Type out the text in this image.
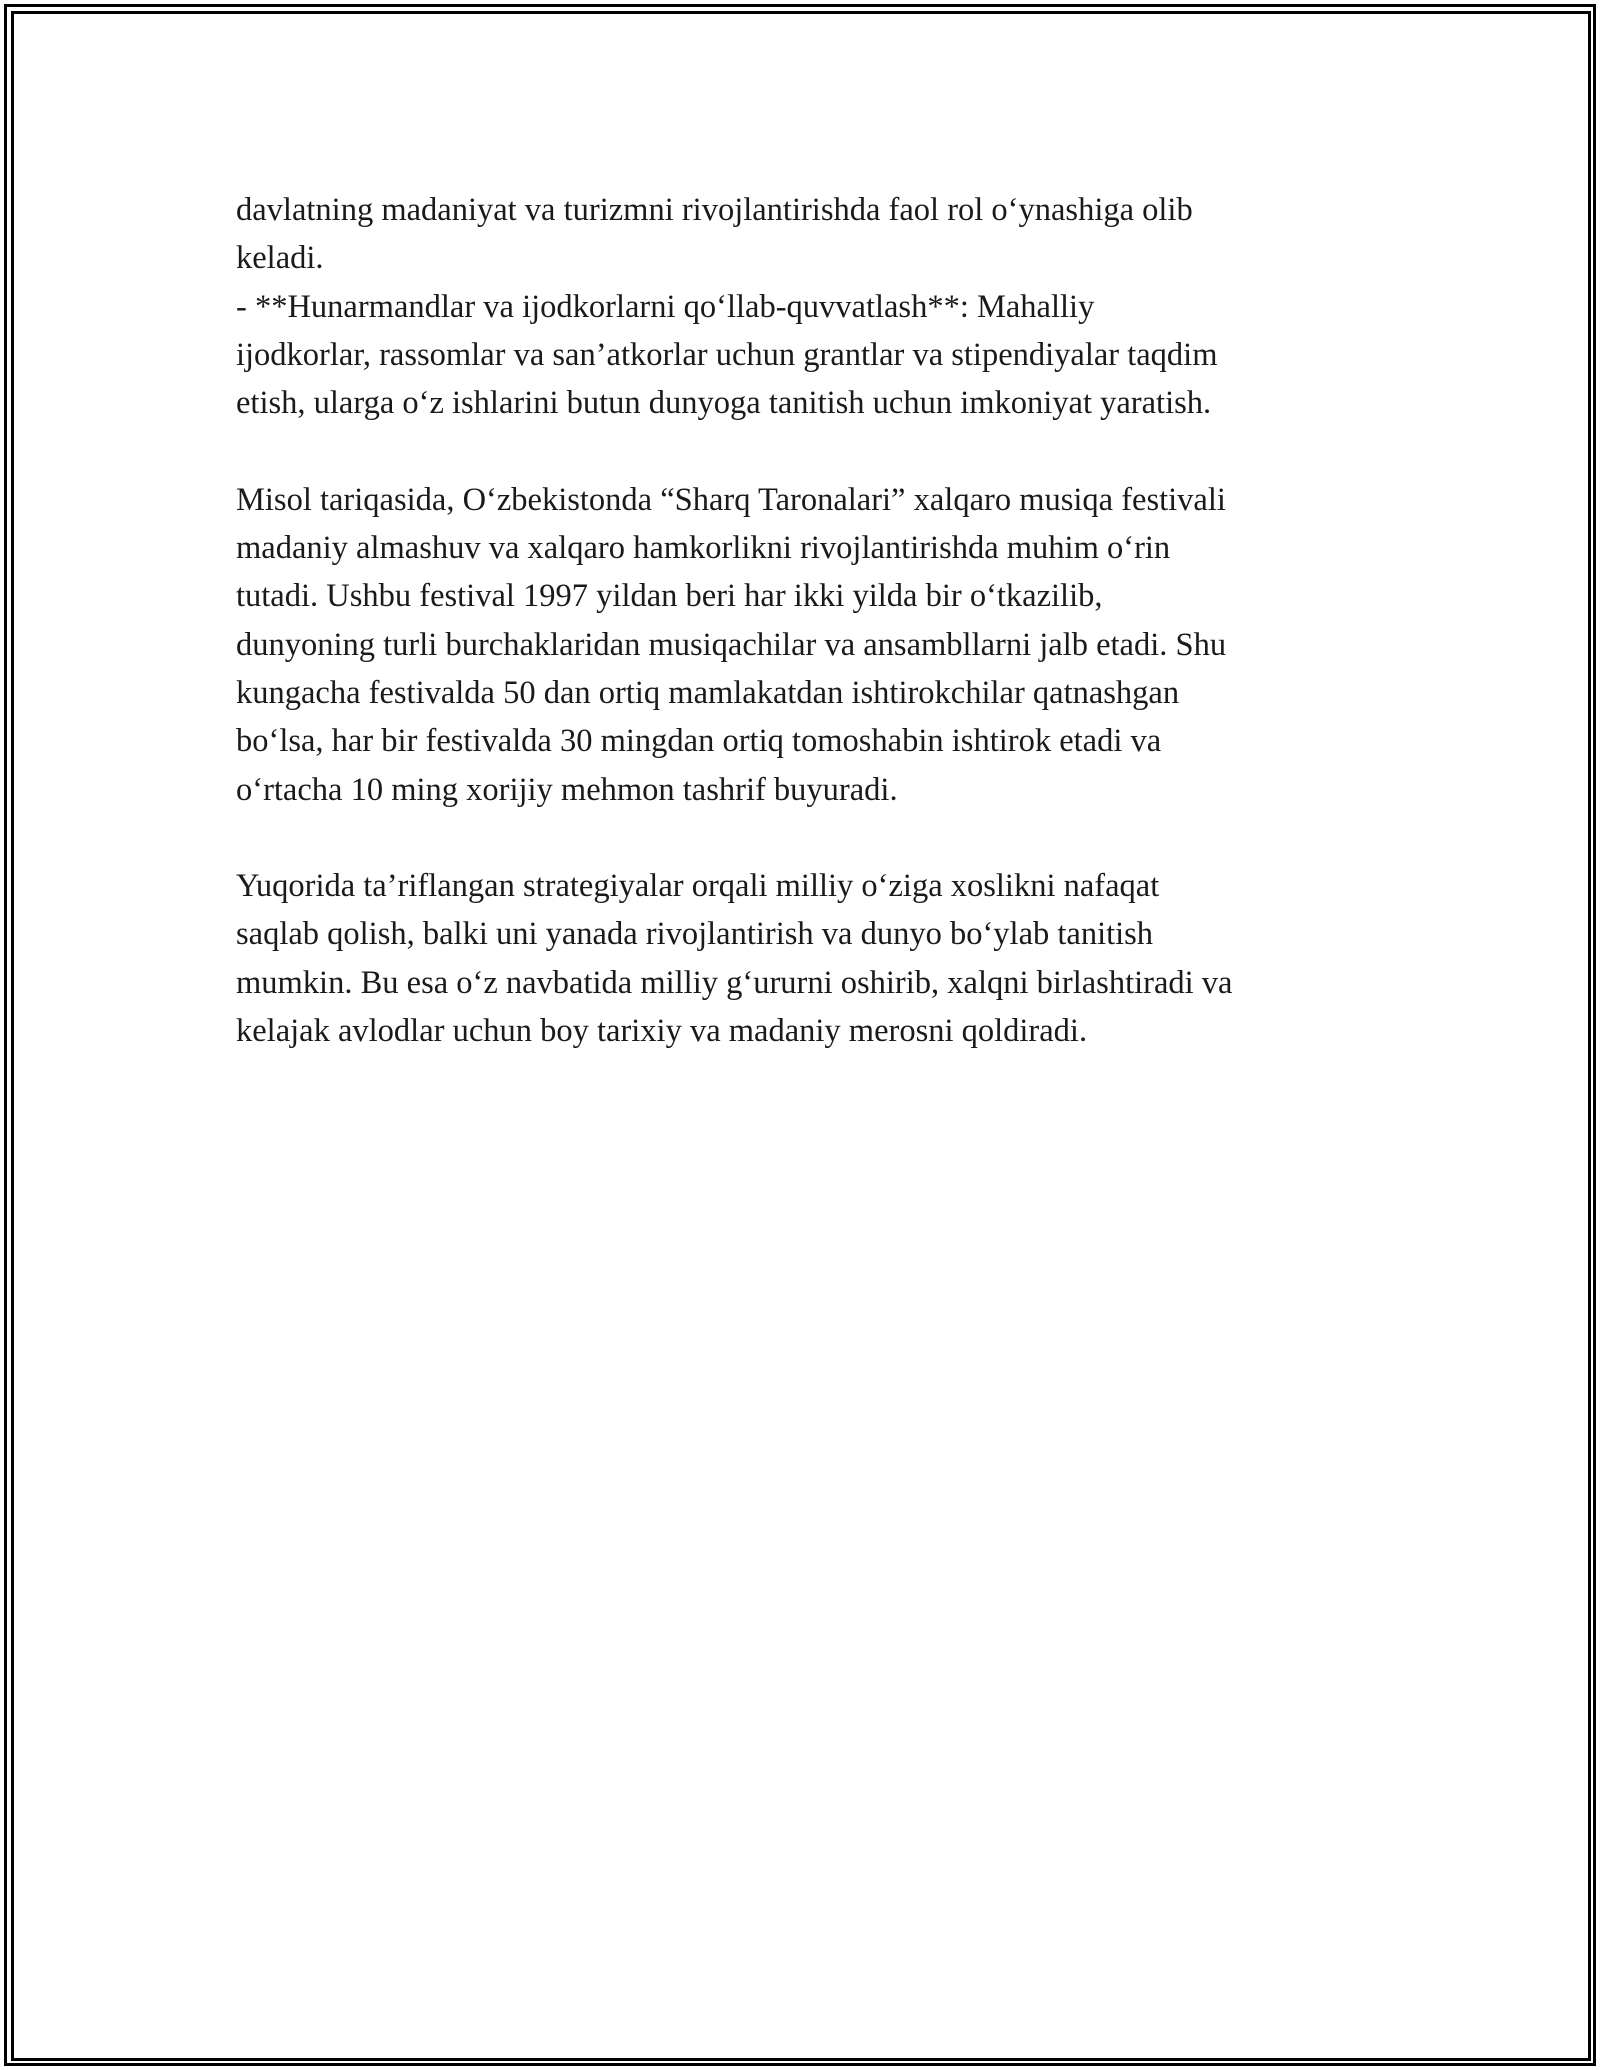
davlatning madaniyat va turizmni rivojlantirishda faol rol o‘ynashiga olib
keladi.
- **Hunarmandlar va ijodkorlarni qo‘llab-quvvatlash**: Mahalliy
ijodkorlar, rassomlar va san’atkorlar uchun grantlar va stipendiyalar taqdim
etish, ularga o‘z ishlarini butun dunyoga tanitish uchun imkoniyat yaratish.

Misol tariqasida, O‘zbekistonda “Sharq Taronalari” xalqaro musiqa festivali
madaniy almashuv va xalqaro hamkorlikni rivojlantirishda muhim o‘rin
tutadi. Ushbu festival 1997 yildan beri har ikki yilda bir o‘tkazilib,
dunyoning turli burchaklaridan musiqachilar va ansambllarni jalb etadi. Shu
kungacha festivalda 50 dan ortiq mamlakatdan ishtirokchilar qatnashgan
bo‘lsa, har bir festivalda 30 mingdan ortiq tomoshabin ishtirok etadi va
o‘rtacha 10 ming xorijiy mehmon tashrif buyuradi.

Yuqorida ta’riflangan strategiyalar orqali milliy o‘ziga xoslikni nafaqat
saqlab qolish, balki uni yanada rivojlantirish va dunyo bo‘ylab tanitish
mumkin. Bu esa o‘z navbatida milliy g‘ururni oshirib, xalqni birlashtiradi va
kelajak avlodlar uchun boy tarixiy va madaniy merosni qoldiradi.
